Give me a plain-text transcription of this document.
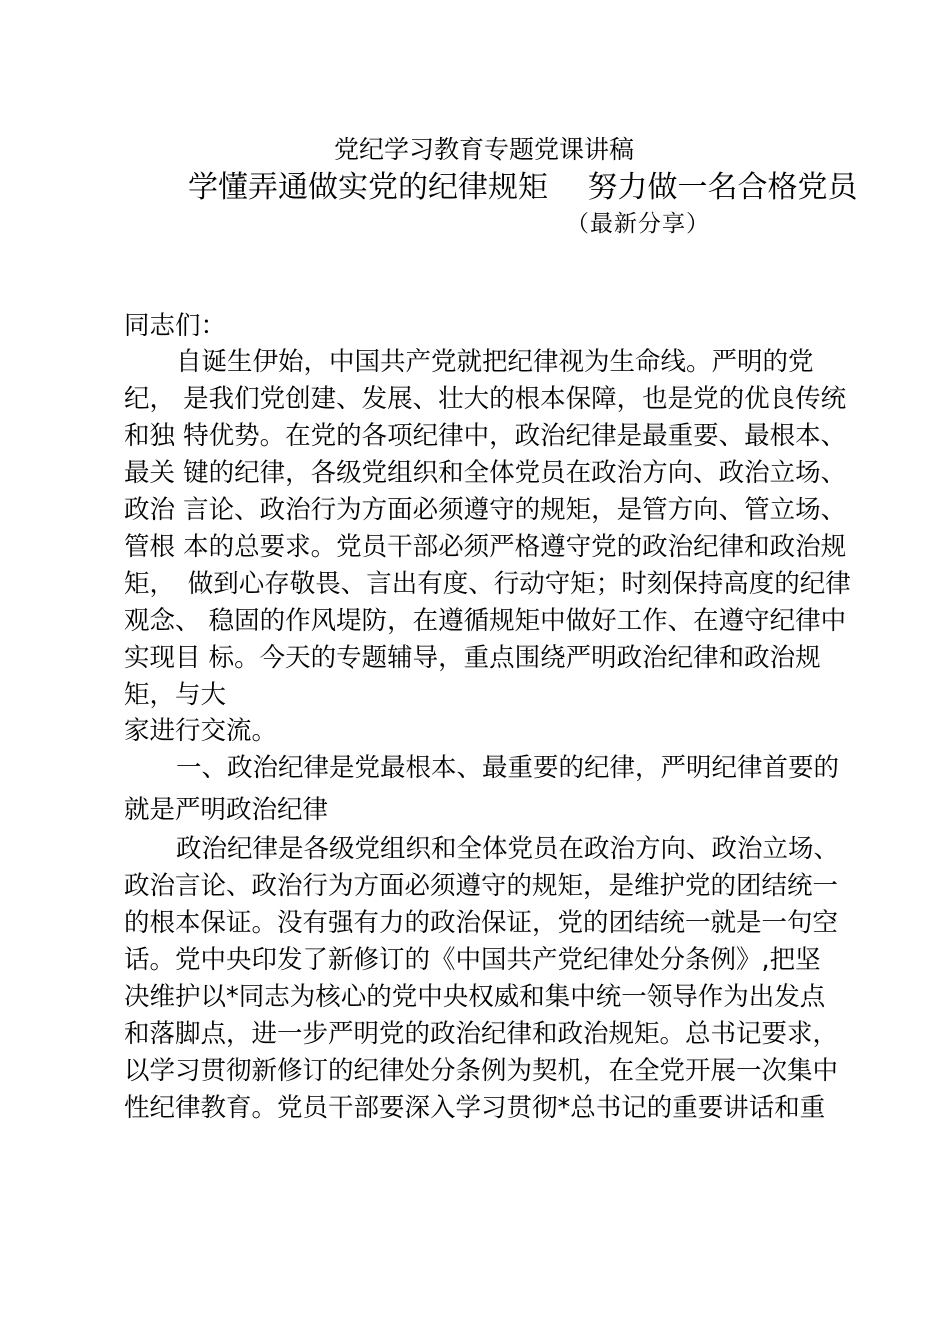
党纪学习教育专题党课讲稿
学懂弄通做实党的纪律规矩　 努力做一名合格党员
（最新分享）
同志们：
自诞生伊始，中国共产党就把纪律视为生命线。严明的党
纪， 是我们党创建、发展、壮大的根本保障，也是党的优良传统
和独 特优势。在党的各项纪律中，政治纪律是最重要、最根本、
最关 键的纪律，各级党组织和全体党员在政治方向、政治立场、
政治 言论、政治行为方面必须遵守的规矩，是管方向、管立场、
管根 本的总要求。党员干部必须严格遵守党的政治纪律和政治规
矩，　做到心存敬畏、言出有度、行动守矩；时刻保持高度的纪律
观念、 稳固的作风堤防，在遵循规矩中做好工作、在遵守纪律中
实现目 标。今天的专题辅导，重点围绕严明政治纪律和政治规
矩，与大
家进行交流。
一、政治纪律是党最根本、最重要的纪律，严明纪律首要的
就是严明政治纪律
政治纪律是各级党组织和全体党员在政治方向、政治立场、
政治言论、政治行为方面必须遵守的规矩，是维护党的团结统一
的根本保证。没有强有力的政治保证，党的团结统一就是一句空
话。党中央印发了新修订的《中国共产党纪律处分条例》,把坚
决维护以*同志为核心的党中央权威和集中统一领导作为出发点
和落脚点，进一步严明党的政治纪律和政治规矩。总书记要求，
以学习贯彻新修订的纪律处分条例为契机，在全党开展一次集中
性纪律教育。党员干部要深入学习贯彻*总书记的重要讲话和重
